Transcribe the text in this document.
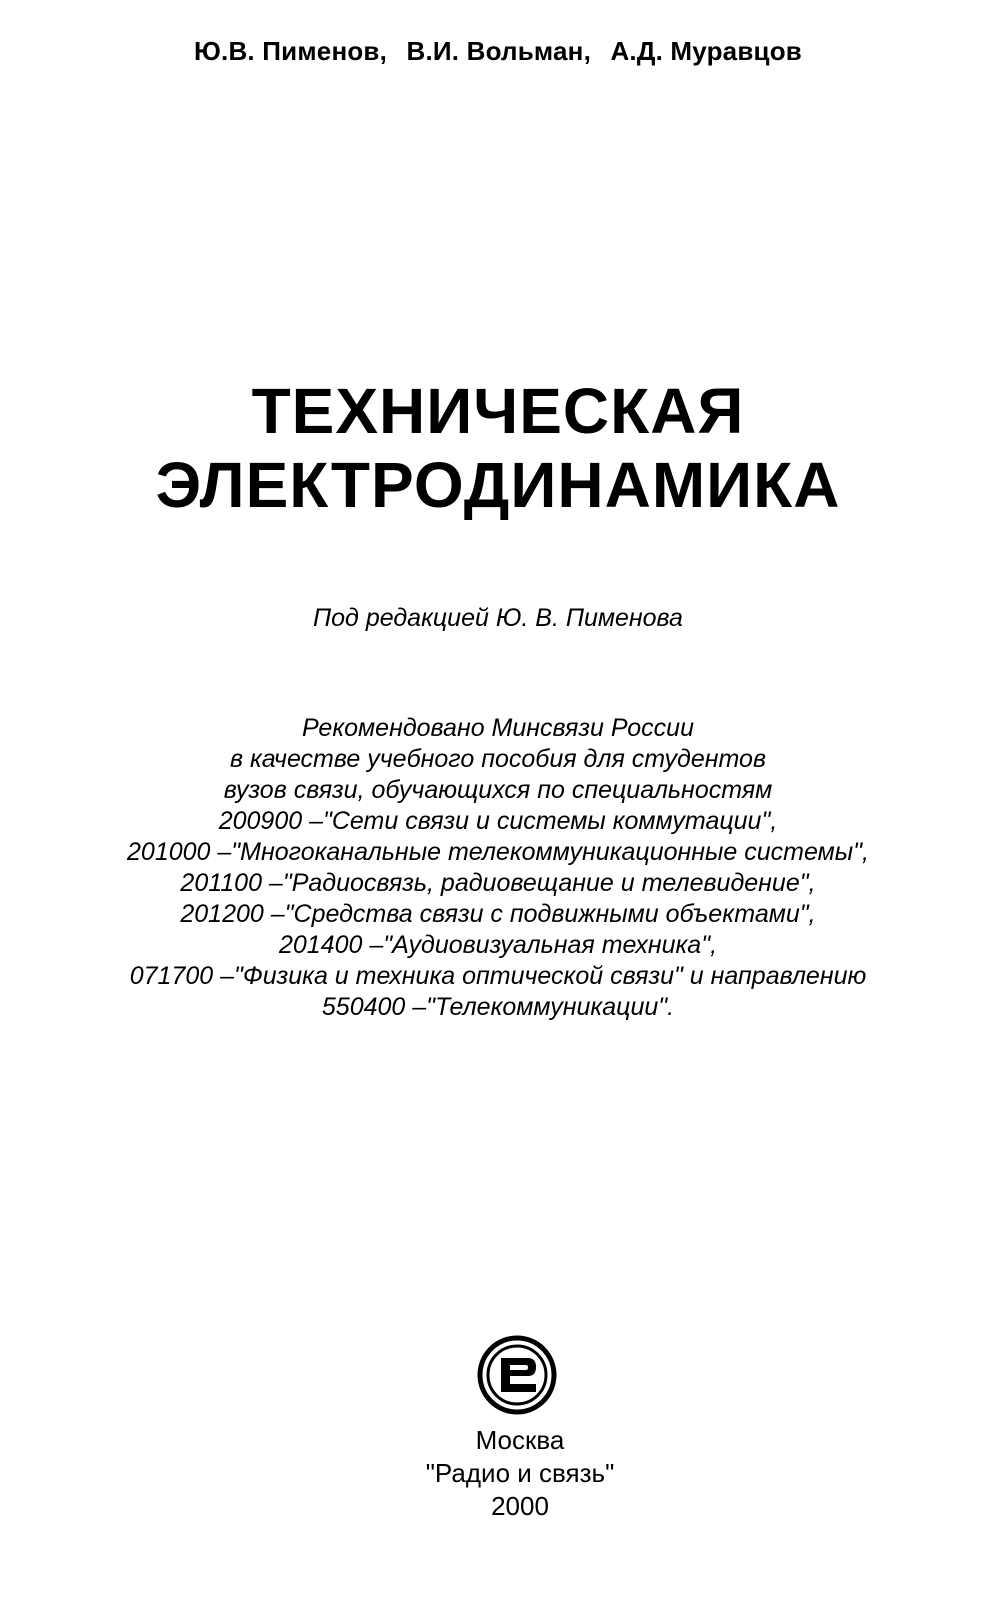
Ю.В. Пименов, В.И. Вольман, А.Д. Муравцов
ТЕХНИЧЕСКАЯ
ЭЛЕКТРОДИНАМИКА
Под редакцией Ю. В. Пименова
Рекомендовано Минсвязи России
в качестве учебного пособия для студентов
вузов связи, обучающихся по специальностям
200900 –"Сети связи и системы коммутации",
201000 –"Многоканальные телекоммуникационные системы",
201100 –"Радиосвязь, радиовещание и телевидение",
201200 –"Средства связи с подвижными объектами",
201400 –"Аудиовизуальная техника",
071700 –"Физика и техника оптической связи" и направлению
550400 –"Телекоммуникации".
Москва
"Радио и связь"
2000
